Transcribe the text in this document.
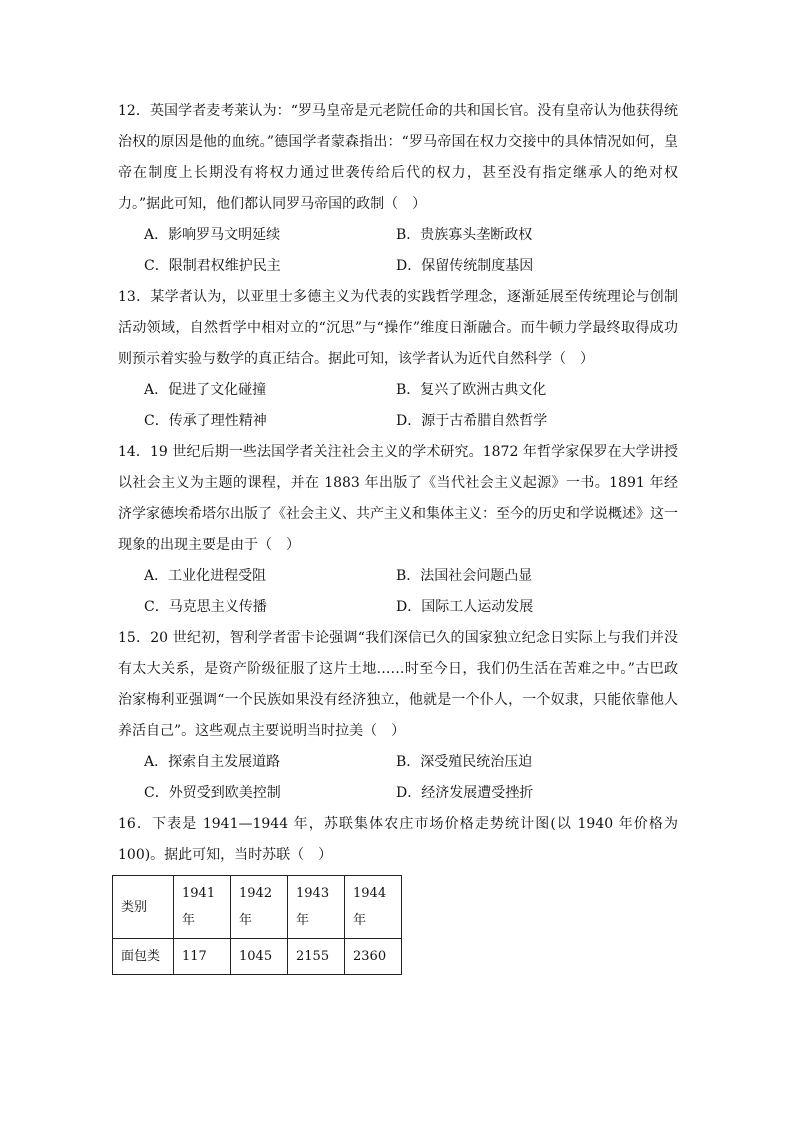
12．英国学者麦考莱认为：“罗马皇帝是元老院任命的共和国长官。没有皇帝认为他获得统治权的原因是他的血统。”德国学者蒙森指出：“罗马帝国在权力交接中的具体情况如何，皇帝在制度上长期没有将权力通过世袭传给后代的权力，甚至没有指定继承人的绝对权力。”据此可知，他们都认同罗马帝国的政制（　）

A．影响罗马文明延续	B．贵族寡头垄断政权
C．限制君权维护民主	D．保留传统制度基因

13．某学者认为，以亚里士多德主义为代表的实践哲学理念，逐渐延展至传统理论与创制活动领域，自然哲学中相对立的“沉思”与“操作”维度日渐融合。而牛顿力学最终取得成功则预示着实验与数学的真正结合。据此可知，该学者认为近代自然科学（　）

A．促进了文化碰撞	B．复兴了欧洲古典文化
C．传承了理性精神	D．源于古希腊自然哲学

14．19 世纪后期一些法国学者关注社会主义的学术研究。1872 年哲学家保罗在大学讲授以社会主义为主题的课程，并在 1883 年出版了《当代社会主义起源》一书。1891 年经济学家德埃希塔尔出版了《社会主义、共产主义和集体主义：至今的历史和学说概述》这一现象的出现主要是由于（　）

A．工业化进程受阻	B．法国社会问题凸显
C．马克思主义传播	D．国际工人运动发展

15．20 世纪初，智利学者雷卡论强调“我们深信已久的国家独立纪念日实际上与我们并没有太大关系，是资产阶级征服了这片土地……时至今日，我们仍生活在苦难之中。”古巴政治家梅利亚强调“一个民族如果没有经济独立，他就是一个仆人，一个奴隶，只能依靠他人养活自己”。这些观点主要说明当时拉美（　）

A．探索自主发展道路	B．深受殖民统治压迫
C．外贸受到欧美控制	D．经济发展遭受挫折

16．下表是 1941—1944 年，苏联集体农庄市场价格走势统计图(以 1940 年价格为 100)。据此可知，当时苏联（　）

类别	1941 年	1942 年	1943 年	1944 年
面包类	117	1045	2155	2360
